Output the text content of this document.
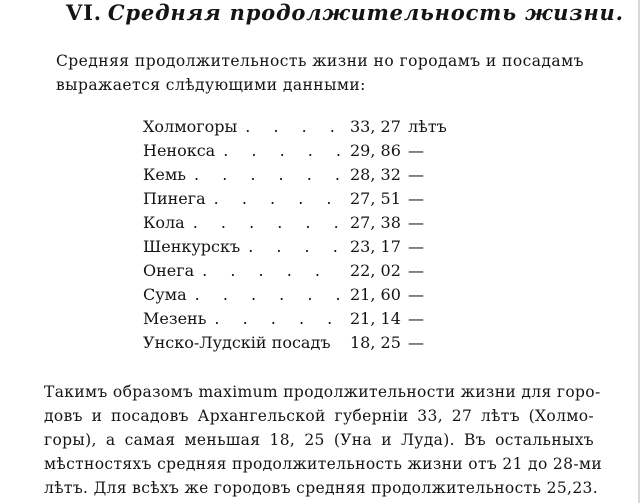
VI. Средняя продолжительность жизни.
Средняя продолжительность жизни но городамъ и посадамъ
выражается слѣдующими данными:
Холмогоры . . . .	33, 27	лѣтъ
Ненокса . . . . .	29, 86	—
Кемь . . . . . .	28, 32	—
Пинега . . . . .	27, 51	—
Кола . . . . . .	27, 38	—
Шенкурскъ . . . .	23, 17	—
Онега . . . . .	22, 02	—
Сума . . . . . .	21, 60	—
Мезень . . . . .	21, 14	—
Унско-Лудскій посадъ	18, 25	—
Такимъ образомъ maximum продолжительности жизни для горо-
довъ и посадовъ Архангельской губерніи 33, 27 лѣтъ (Холмо-
горы), а самая меньшая 18, 25 (Уна и Луда). Въ остальныхъ
мѣстностяхъ средняя продолжительность жизни отъ 21 до 28-ми
лѣтъ. Для всѣхъ же городовъ средняя продолжительность 25,23.
